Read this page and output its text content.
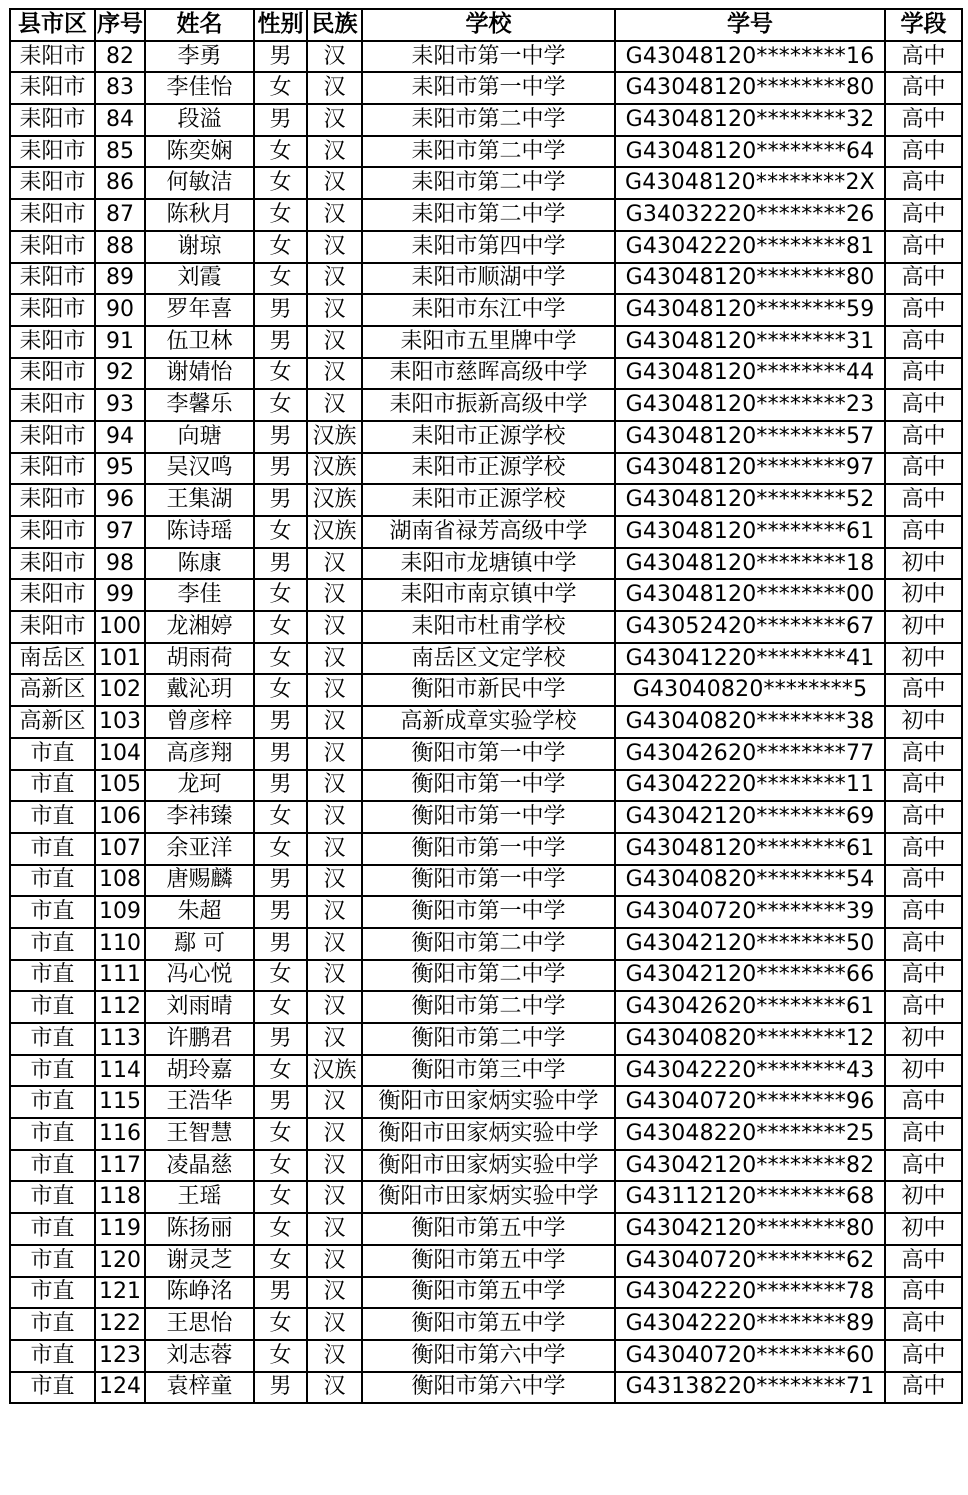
县市区	序号	姓名	性别	民族	学校	学号	学段
耒阳市	82	李勇	男	汉	耒阳市第一中学	G43048120********16	高中
耒阳市	83	李佳怡	女	汉	耒阳市第一中学	G43048120********80	高中
耒阳市	84	段溢	男	汉	耒阳市第二中学	G43048120********32	高中
耒阳市	85	陈奕娴	女	汉	耒阳市第二中学	G43048120********64	高中
耒阳市	86	何敏洁	女	汉	耒阳市第二中学	G43048120********2X	高中
耒阳市	87	陈秋月	女	汉	耒阳市第二中学	G34032220********26	高中
耒阳市	88	谢琼	女	汉	耒阳市第四中学	G43042220********81	高中
耒阳市	89	刘霞	女	汉	耒阳市顺湖中学	G43048120********80	高中
耒阳市	90	罗年喜	男	汉	耒阳市东江中学	G43048120********59	高中
耒阳市	91	伍卫林	男	汉	耒阳市五里牌中学	G43048120********31	高中
耒阳市	92	谢婧怡	女	汉	耒阳市慈晖高级中学	G43048120********44	高中
耒阳市	93	李馨乐	女	汉	耒阳市振新高级中学	G43048120********23	高中
耒阳市	94	向瑭	男	汉族	耒阳市正源学校	G43048120********57	高中
耒阳市	95	吴汉鸣	男	汉族	耒阳市正源学校	G43048120********97	高中
耒阳市	96	王集湖	男	汉族	耒阳市正源学校	G43048120********52	高中
耒阳市	97	陈诗瑶	女	汉族	湖南省禄芳高级中学	G43048120********61	高中
耒阳市	98	陈康	男	汉	耒阳市龙塘镇中学	G43048120********18	初中
耒阳市	99	李佳	女	汉	耒阳市南京镇中学	G43048120********00	初中
耒阳市	100	龙湘婷	女	汉	耒阳市杜甫学校	G43052420********67	初中
南岳区	101	胡雨荷	女	汉	南岳区文定学校	G43041220********41	初中
高新区	102	戴沁玥	女	汉	衡阳市新民中学	G43040820********5	高中
高新区	103	曾彦梓	男	汉	高新成章实验学校	G43040820********38	初中
市直	104	高彦翔	男	汉	衡阳市第一中学	G43042620********77	高中
市直	105	龙珂	男	汉	衡阳市第一中学	G43042220********11	高中
市直	106	李祎臻	女	汉	衡阳市第一中学	G43042120********69	高中
市直	107	余亚洋	女	汉	衡阳市第一中学	G43048120********61	高中
市直	108	唐赐麟	男	汉	衡阳市第一中学	G43040820********54	高中
市直	109	朱超	男	汉	衡阳市第一中学	G43040720********39	高中
市直	110	鄢 可	男	汉	衡阳市第二中学	G43042120********50	高中
市直	111	冯心悦	女	汉	衡阳市第二中学	G43042120********66	高中
市直	112	刘雨晴	女	汉	衡阳市第二中学	G43042620********61	高中
市直	113	许鹏君	男	汉	衡阳市第二中学	G43040820********12	初中
市直	114	胡玲嘉	女	汉族	衡阳市第三中学	G43042220********43	初中
市直	115	王浩华	男	汉	衡阳市田家炳实验中学	G43040720********96	高中
市直	116	王智慧	女	汉	衡阳市田家炳实验中学	G43048220********25	高中
市直	117	凌晶慈	女	汉	衡阳市田家炳实验中学	G43042120********82	高中
市直	118	王瑶	女	汉	衡阳市田家炳实验中学	G43112120********68	初中
市直	119	陈扬丽	女	汉	衡阳市第五中学	G43042120********80	初中
市直	120	谢灵芝	女	汉	衡阳市第五中学	G43040720********62	高中
市直	121	陈峥洺	男	汉	衡阳市第五中学	G43042220********78	高中
市直	122	王思怡	女	汉	衡阳市第五中学	G43042220********89	高中
市直	123	刘志蓉	女	汉	衡阳市第六中学	G43040720********60	高中
市直	124	袁梓童	男	汉	衡阳市第六中学	G43138220********71	高中
